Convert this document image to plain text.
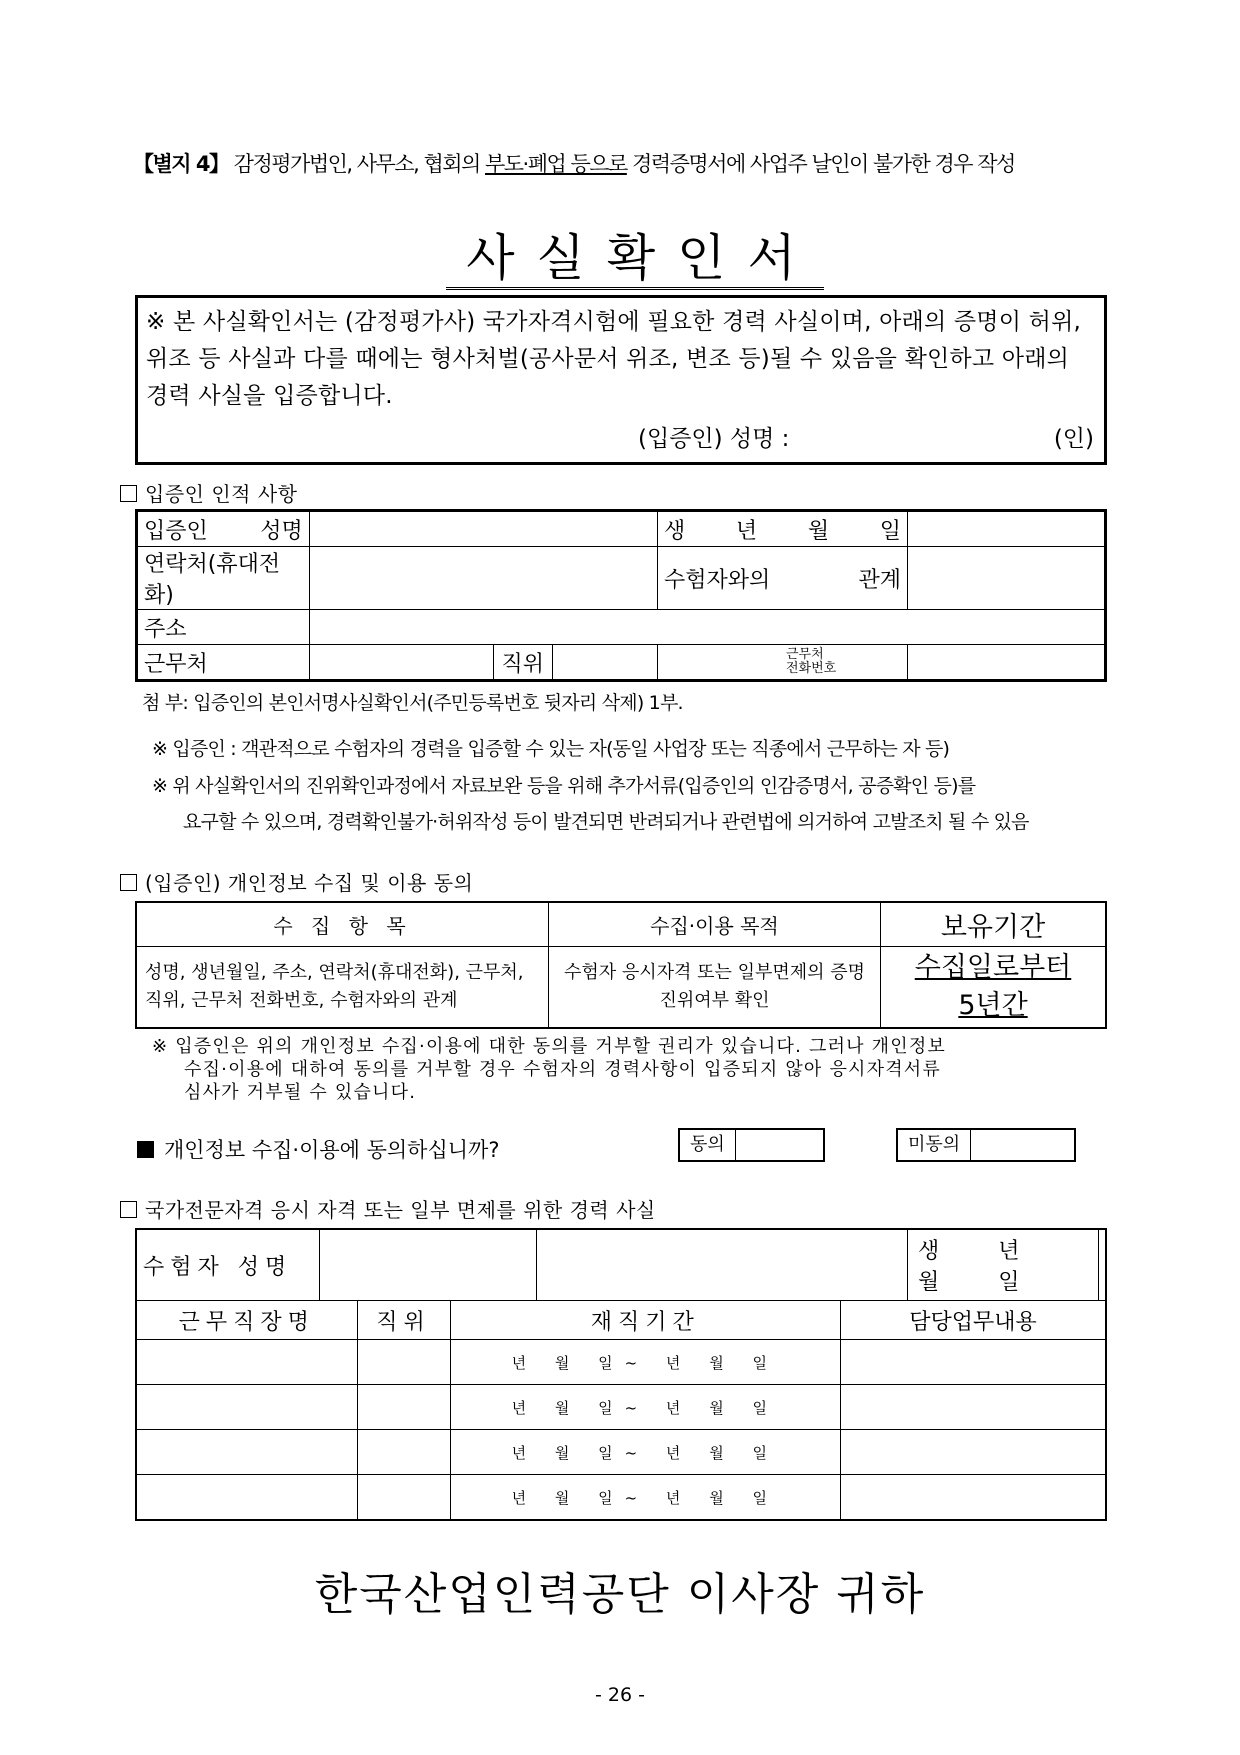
【별지 4】 감정평가법인, 사무소, 협회의 부도·폐업 등으로 경력증명서에 사업주 날인이 불가한 경우 작성
사실확인서

※ 본 사실확인서는 (감정평가사) 국가자격시험에 필요한 경력 사실이며, 아래의 증명이 허위, 위조 등 사실과 다를 때에는 형사처벌(공사문서 위조, 변조 등)될 수 있음을 확인하고 아래의 경력 사실을 입증합니다.

(입증인) 성명 :	(인)
입증인 인적 사항
입증인 성명				생 년 월 일	
연락처(휴대전화)				수험자와의 관계	
주소					
근무처		직위		근무처
전화번호	

첨 부: 입증인의 본인서명사실확인서(주민등록번호 뒷자리 삭제) 1부.
※ 입증인 : 객관적으로 수험자의 경력을 입증할 수 있는 자(동일 사업장 또는 직종에서 근무하는 자 등)
※ 위 사실확인서의 진위확인과정에서 자료보완 등을 위해 추가서류(입증인의 인감증명서, 공증확인 등)를
요구할 수 있으며, 경력확인불가·허위작성 등이 발견되면 반려되거나 관련법에 의거하여 고발조치 될 수 있음
(입증인) 개인정보 수집 및 이용 동의
수 집 항 목	수집·이용 목적	보유기간
성명, 생년월일, 주소, 연락처(휴대전화), 근무처, 직위, 근무처 전화번호, 수험자와의 관계	수험자 응시자격 또는 일부면제의 증명 진위여부 확인	수집일로부터
5년간
※ 입증인은 위의 개인정보 수집·이용에 대한 동의를 거부할 권리가 있습니다. 그러나 개인정보
수집·이용에 대하여 동의를 거부할 경우 수험자의 경력사항이 입증되지 않아 응시자격서류
심사가 거부될 수 있습니다.
개인정보 수집·이용에 동의하십니까?	동의	미동의
국가전문자격 응시 자격 또는 일부 면제를 위한 경력 사실
수험자 성명				생 년 월 일	
근무직장명		직위	재직기간		담당업무내용
			년 월 일~ 년 월 일		
			년 월 일~ 년 월 일		
			년 월 일~ 년 월 일		
			년 월 일~ 년 월 일		
한국산업인력공단 이사장 귀하
- 26 -
